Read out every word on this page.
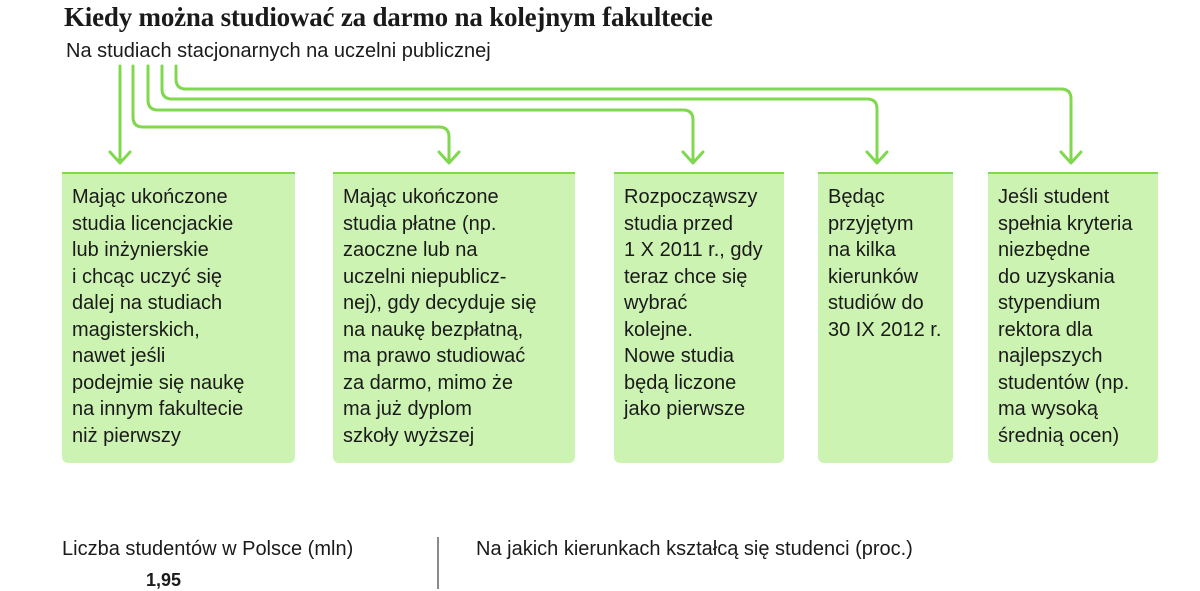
Kiedy można studiować za darmo na kolejnym fakultecie
Na studiach stacjonarnych na uczelni publicznej
Mając ukończone
studia licencjackie
lub inżynierskie
i chcąc uczyć się
dalej na studiach
magisterskich,
nawet jeśli
podejmie się naukę
na innym fakultecie
niż pierwszy
Mając ukończone
studia płatne (np.
zaoczne lub na
uczelni niepublicz-
nej), gdy decyduje się
na naukę bezpłatną,
ma prawo studiować
za darmo, mimo że
ma już dyplom
szkoły wyższej
Rozpocząwszy
studia przed
1 X 2011 r., gdy
teraz chce się
wybrać
kolejne.
Nowe studia
będą liczone
jako pierwsze
Będąc
przyjętym
na kilka
kierunków
studiów do
30 IX 2012 r.
Jeśli student
spełnia kryteria
niezbędne
do uzyskania
stypendium
rektora dla
najlepszych
studentów (np.
ma wysoką
średnią ocen)
Liczba studentów w Polsce (mln)
1,95
Na jakich kierunkach kształcą się studenci (proc.)
